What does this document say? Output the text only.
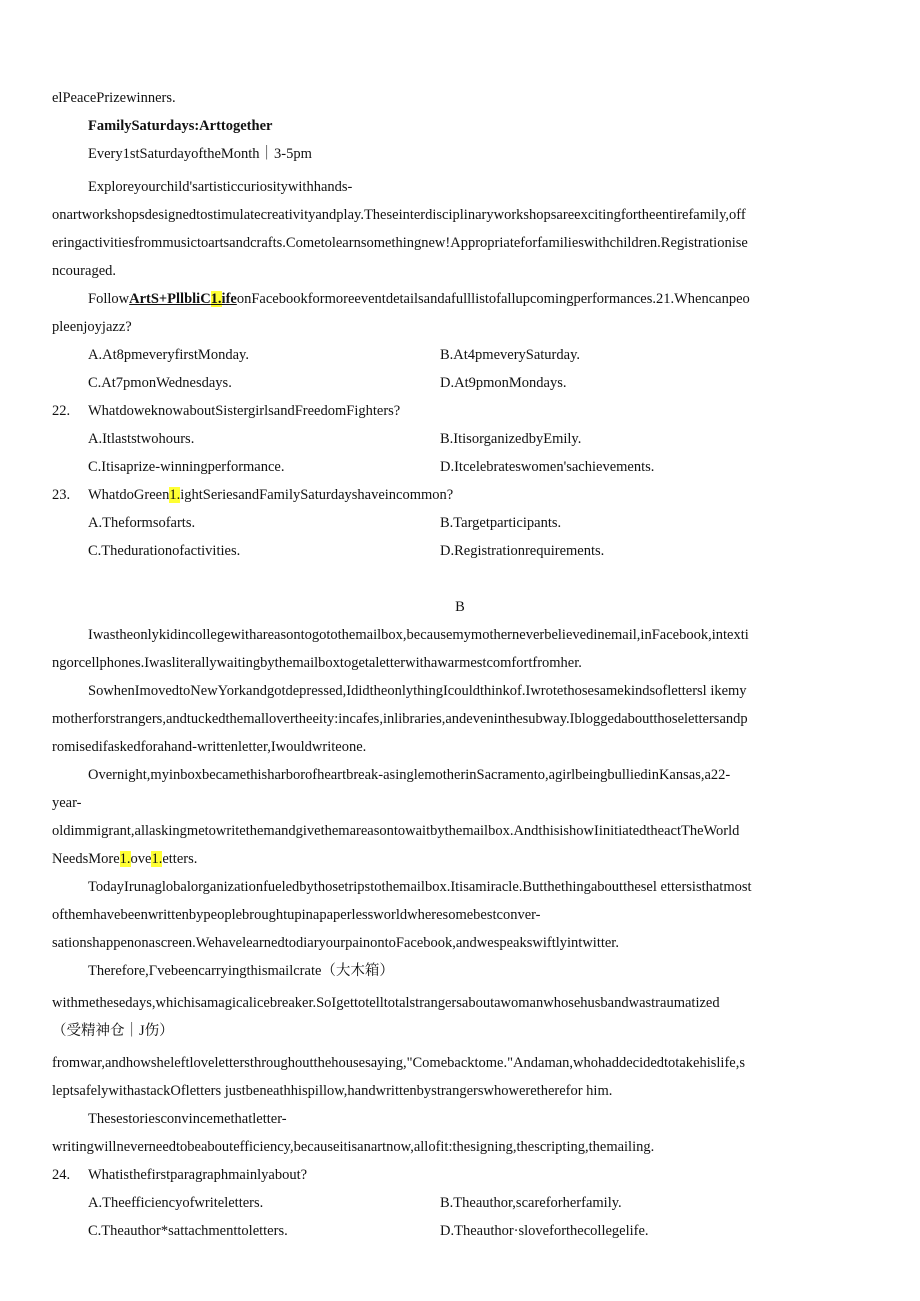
elPeacePrizewinners.
FamilySaturdays:Arttogether
Every1stSaturdayoftheMonth｜3-5pm
Exploreyourchild'sartisticcuriositywithhands-
onartworkshopsdesignedtostimulatecreativityandplay.Theseinterdisciplinaryworkshopsareexcitingfortheentirefamily,off
eringactivitiesfrommusictoartsandcrafts.Cometolearnsomethingnew!Appropriateforfamilieswithchildren.Registrationise
ncouraged.
FollowArtS+PllbliC1.ifeonFacebookformoreeventdetailsandafulllistofallupcomingperformances.21.Whencanpeo
pleenjoyjazz?
A.At8pmeveryfirstMonday.	B.At4pmeverySaturday.
C.At7pmonWednesdays.	D.At9pmonMondays.
22. WhatdoweknowaboutSistergirlsandFreedomFighters?
A.Itlaststwohours.	B.ItisorganizedbyEmily.
C.Itisaprize-winningperformance.	D.Itcelebrateswomen'sachievements.
23. WhatdoGreen1.ightSeriesandFamilySaturdayshaveincommon?
A.Theformsofarts.	B.Targetparticipants.
C.Thedurationofactivities.	D.Registrationrequirements.
B
Iwastheonlykidincollegewithareasontogotothemailbox,becausemymotherneverbelievedinemail,inFacebook,intexti
ngorcellphones.Iwasliterallywaitingbythemailboxtogetaletterwithawarmestcomfortfromher.
SowhenImovedtoNewYorkandgotdepressed,IdidtheonlythingIcouldthinkof.Iwrotethosesamekindsoflettersl ikemy
motherforstrangers,andtuckedthemallovertheeity:incafes,inlibraries,andeveninthesubway.Ibloggedaboutthoselettersandp
romisedifaskedforahand-writtenletter,Iwouldwriteone.
Overnight,myinboxbecamethisharborofheartbreak-asinglemotherinSacramento,agirlbeingbulliedinKansas,a22-
year-
oldimmigrant,allaskingmetowritethemandgivethemareasontowaitbythemailbox.AndthisishowIinitiatedtheactTheWorld
NeedsMore1.ove1.etters.
TodayIrunaglobalorganizationfueledbythosetripstothemailbox.Itisamiracle.Butthethingaboutthesel ettersisthatmost
ofthemhavebeenwrittenbypeoplebroughtupinapaperlessworldwheresomebestconver-
sationshappenonascreen.WehavelearnedtodiaryourpainontoFacebook,andwespeakswiftlyintwitter.
Therefore,Γvebeencarryingthismailcrate（大木箱）
withmethesedays,whichisamagicalicebreaker.SoIgettotelltotalstrangersaboutawomanwhosehusbandwastraumatized
（受精神仓｜J伤）
fromwar,andhowsheleftlovelettersthroughoutthehousesaying,"Comebacktome."Andaman,whohaddecidedtotakehislife,s
leptsafelywithastackOfletters justbeneathhispillow,handwrittenbystrangerswhoweretherefor him.
Thesestoriesconvincemethatletter-
writingwillneverneedtobeaboutefficiency,becauseitisanartnow,allofit:thesigning,thescripting,themailing.
24. Whatisthefirstparagraphmainlyabout?
A.Theefficiencyofwriteletters.	B.Theauthor,scareforherfamily.
C.Theauthor*sattachmenttoletters.	D.Theauthor·sloveforthecollegelife.
